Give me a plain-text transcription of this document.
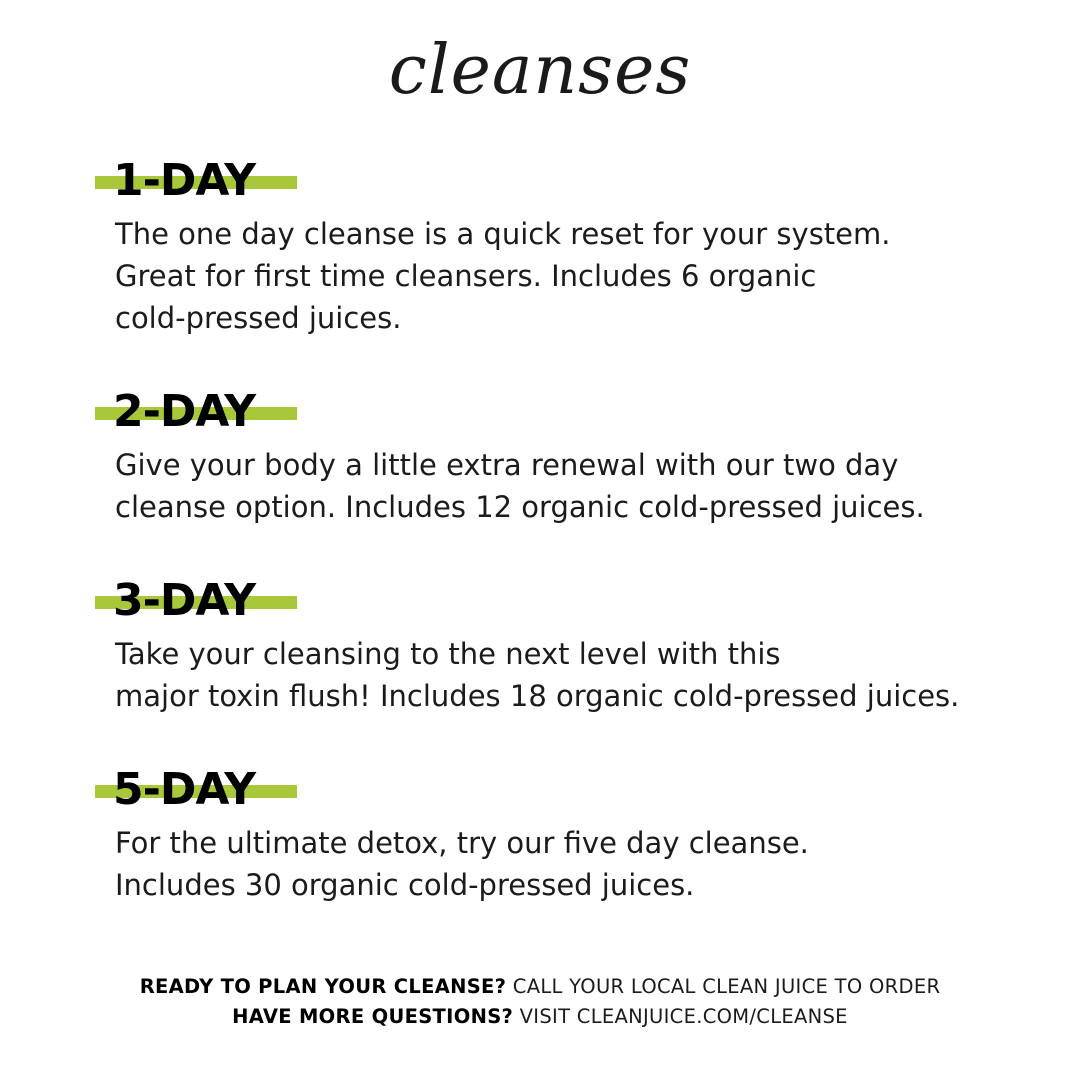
cleanses
1-DAY
The one day cleanse is a quick reset for your system.
Great for first time cleansers. Includes 6 organic
cold-pressed juices.
2-DAY
Give your body a little extra renewal with our two day
cleanse option. Includes 12 organic cold-pressed juices.
3-DAY
Take your cleansing to the next level with this
major toxin flush! Includes 18 organic cold-pressed juices.
5-DAY
For the ultimate detox, try our five day cleanse.
Includes 30 organic cold-pressed juices.
READY TO PLAN YOUR CLEANSE? CALL YOUR LOCAL CLEAN JUICE TO ORDER
HAVE MORE QUESTIONS? VISIT CLEANJUICE.COM/CLEANSE
